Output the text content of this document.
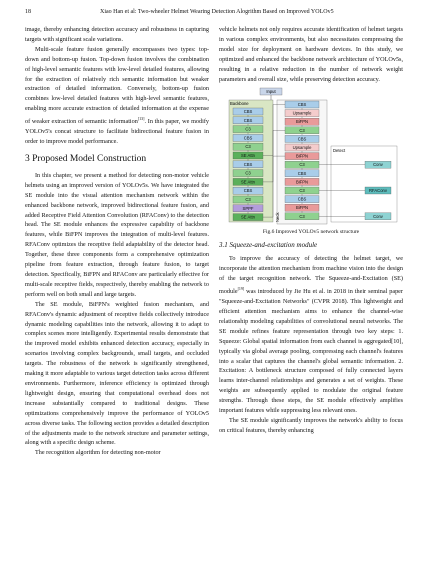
18	Xiao Han et al: Two-wheeler Helmet Wearing Detection Alogrithm Based on Improved YOLOv5

image, thereby enhancing detection accuracy and robustness in capturing targets with significant scale variations.

Multi-scale feature fusion generally encompasses two types: top-down and bottom-up fusion. Top-down fusion involves the combination of high-level semantic features with low-level detailed features, allowing for the extraction of relatively rich semantic information but weaker extraction of detailed information. Conversely, bottom-up fusion combines low-level detailed features with high-level semantic features, enabling more accurate extraction of detailed information at the expense of weaker extraction of semantic information[13]. In this paper, we modify YOLOv5's concat structure to facilitate bidirectional feature fusion in order to improve model performance.

3 Proposed Model Construction

In this chapter, we present a method for detecting non-motor vehicle helmets using an improved version of YOLOv5s. We have integrated the SE module into the visual attention mechanism network within the enhanced backbone network, improved bidirectional feature fusion, and added Receptive Field Attention Convolution (RFAConv) to the detection head. The SE module enhances the expressive capability of backbone features, while BiFPN improves the integration of multi-level features. RFAConv optimizes the receptive field adaptability of the detector head. Together, these three components form a comprehensive optimization pipeline from feature extraction, through feature fusion, to target detection. Specifically, BiFPN and RFAConv are particularly effective for multi-scale receptive fields, respectively, thereby enabling the network to perform well on both small and large targets.

The SE module, BiFPN's weighted fusion mechanism, and RFAConv's dynamic adjustment of receptive fields collectively introduce dynamic modeling capabilities into the network, allowing it to adapt to complex scenes more intelligently. Experimental results demonstrate that the improved model exhibits enhanced detection accuracy, especially in scenarios involving complex backgrounds, small targets, and occluded targets. The robustness of the network is significantly strengthened, making it more adaptable to various target detection tasks across different environments. Furthermore, inference efficiency is optimized through lightweight design, ensuring that computational overhead does not increase substantially compared to traditional designs. These optimizations comprehensively improve the performance of YOLOv5 across diverse tasks. The following section provides a detailed description of the adjustments made to the network structure and parameter settings, along with a specific design scheme.

The recognition algorithm for detecting non-motor

vehicle helmets not only requires accurate identification of helmet targets in various complex environments, but also necessitates compressing the model size for deployment on hardware devices. In this study, we optimized and enhanced the backbone network architecture of YOLOv5s, resulting in a relative reduction in the number of network weight parameters and overall size, while preserving detection accuracy.

Input
Backbone
CBS
CBS
C3
CBS
C3
SE Attn
CBS
C3
SE Attn
CBS
C3
SPPF
SE Attn	Neck
CBS
Upsample
BiFPN
C3
CBS
Upsample
BiFPN
C3
CBS
BiFPN
C3
CBS
BiFPN
C3
Detect
Conv
RFAConv
Conv
Fig.6 Improved YOLOv5 network structure
3.1 Squeeze-and-excitation module

To improve the accuracy of detecting the helmet target, we incorporate the attention mechanism from machine vision into the design of the target recognition network. The Squeeze-and-Excitation (SE) module[19] was introduced by Jie Hu et al. in 2018 in their seminal paper "Squeeze-and-Excitation Networks" (CVPR 2018). This lightweight and efficient attention mechanism aims to enhance the channel-wise relationship modeling capabilities of convolutional neural networks. The SE module refines feature representation through two key steps: 1. Squeeze: Global spatial information from each channel is aggregated[10], typically via global average pooling, compressing each channel's features into a scalar that captures the channel's global semantic information. 2. Excitation: A bottleneck structure composed of fully connected layers learns inter-channel relationships and generates a set of weights. These weights are subsequently applied to modulate the original feature strengths. Through these steps, the SE module effectively amplifies important features while suppressing less relevant ones.

The SE module significantly improves the network's ability to focus on critical features, thereby enhancing
